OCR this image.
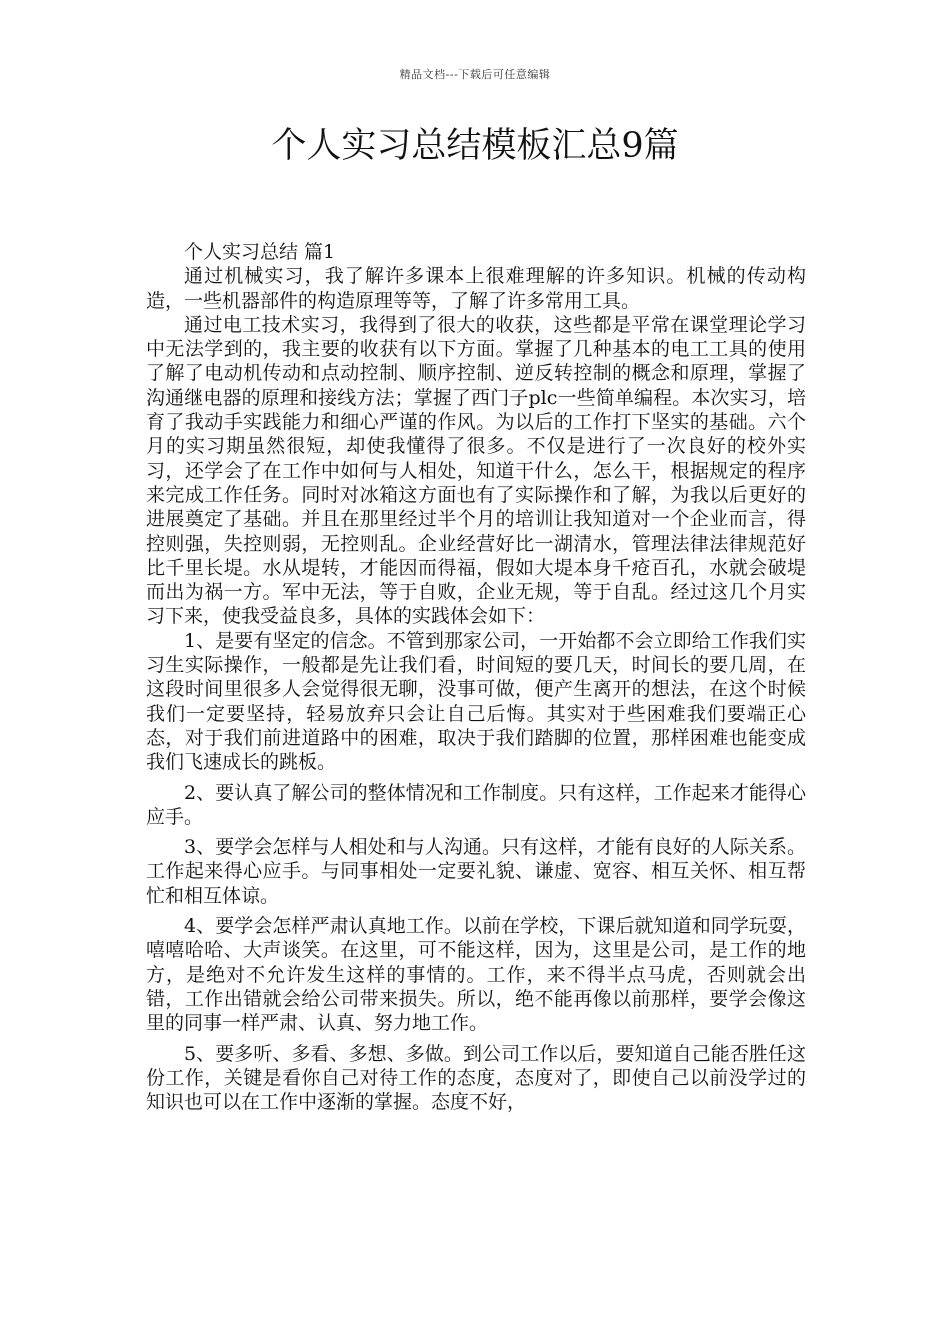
精品文档---下载后可任意编辑
个人实习总结模板汇总9篇
个人实习总结 篇1

通过机械实习，我了解许多课本上很难理解的许多知识。机械的传动构造，一些机器部件的构造原理等等，了解了许多常用工具。

通过电工技术实习，我得到了很大的收获，这些都是平常在课堂理论学习中无法学到的，我主要的收获有以下方面。掌握了几种基本的电工工具的使用了解了电动机传动和点动控制、顺序控制、逆反转控制的概念和原理，掌握了沟通继电器的原理和接线方法；掌握了西门子plc一些简单编程。本次实习，培育了我动手实践能力和细心严谨的作风。为以后的工作打下坚实的基础。六个月的实习期虽然很短，却使我懂得了很多。不仅是进行了一次良好的校外实习，还学会了在工作中如何与人相处，知道干什么，怎么干，根据规定的程序来完成工作任务。同时对冰箱这方面也有了实际操作和了解，为我以后更好的进展奠定了基础。并且在那里经过半个月的培训让我知道对一个企业而言，得控则强，失控则弱，无控则乱。企业经营好比一湖清水，管理法律法律规范好比千里长堤。水从堤转，才能因而得福，假如大堤本身千疮百孔，水就会破堤而出为祸一方。军中无法，等于自败，企业无规，等于自乱。经过这几个月实习下来，使我受益良多，具体的实践体会如下：

1、是要有坚定的信念。不管到那家公司，一开始都不会立即给工作我们实习生实际操作，一般都是先让我们看，时间短的要几天，时间长的要几周，在这段时间里很多人会觉得很无聊，没事可做，便产生离开的想法，在这个时候我们一定要坚持，轻易放弃只会让自己后悔。其实对于些困难我们要端正心态，对于我们前进道路中的困难，取决于我们踏脚的位置，那样困难也能变成我们飞速成长的跳板。

2、要认真了解公司的整体情况和工作制度。只有这样，工作起来才能得心应手。

3、要学会怎样与人相处和与人沟通。只有这样，才能有良好的人际关系。工作起来得心应手。与同事相处一定要礼貌、谦虚、宽容、相互关怀、相互帮忙和相互体谅。

4、要学会怎样严肃认真地工作。以前在学校，下课后就知道和同学玩耍，嘻嘻哈哈、大声谈笑。在这里，可不能这样，因为，这里是公司，是工作的地方，是绝对不允许发生这样的事情的。工作，来不得半点马虎，否则就会出错，工作出错就会给公司带来损失。所以，绝不能再像以前那样，要学会像这里的同事一样严肃、认真、努力地工作。

5、要多听、多看、多想、多做。到公司工作以后，要知道自己能否胜任这份工作，关键是看你自己对待工作的态度，态度对了，即使自己以前没学过的知识也可以在工作中逐渐的掌握。态度不好，
